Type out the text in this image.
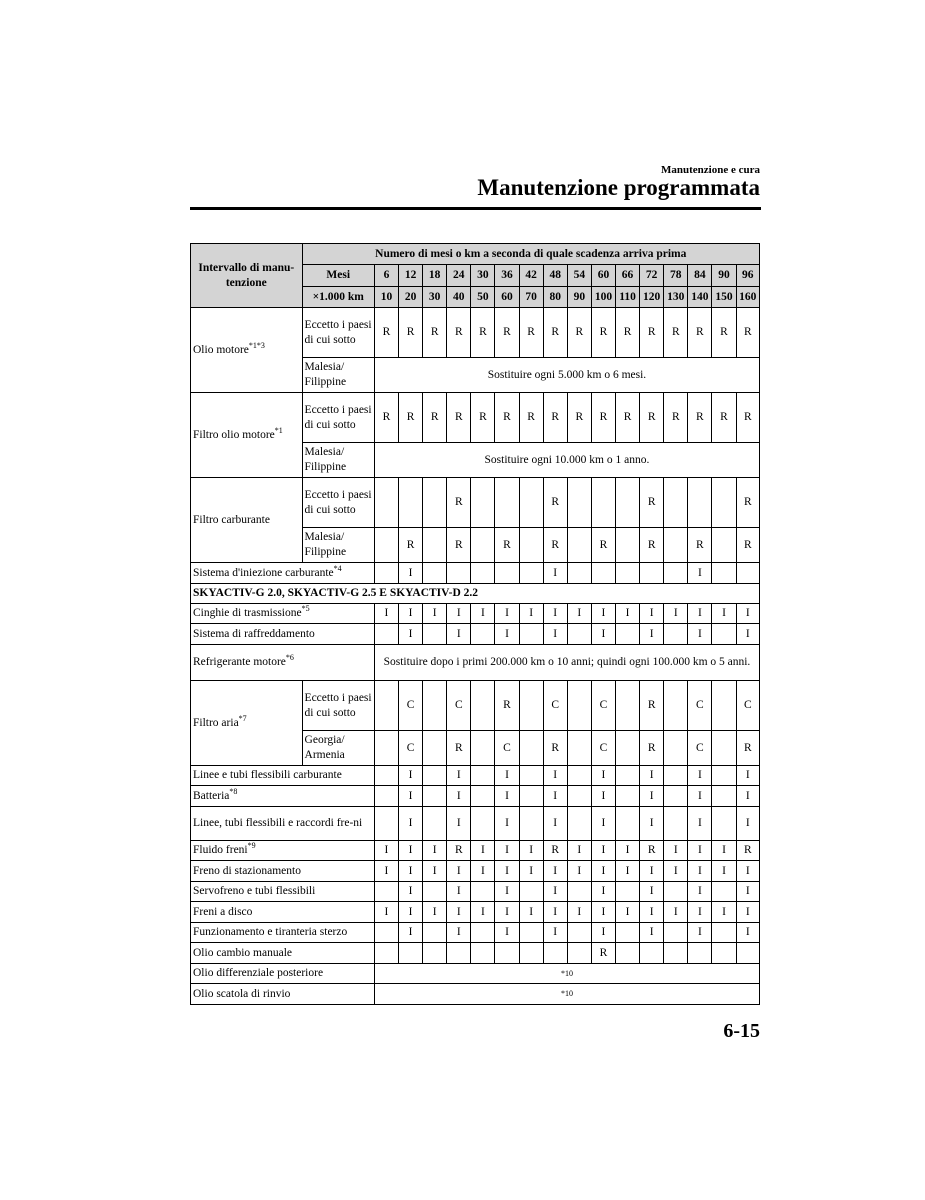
Manutenzione e cura
Manutenzione programmata
Intervallo di manu-tenzione	Numero di mesi o km a seconda di quale scadenza arriva prima																
	Mesi	6	12	18	24	30	36	42	48	54	60	66	72	78	84	90	96
	×1.000 km	10	20	30	40	50	60	70	80	90	100	110	120	130	140	150	160
Olio motore$^{*1*3}$	Eccetto i paesi di cui sotto	R	R	R	R	R	R	R	R	R	R	R	R	R	R	R	R
	Malesia/ Filippine	Sostituire ogni 5.000 km o 6 mesi.															
Filtro olio motore$^{*1}$	Eccetto i paesi di cui sotto	R	R	R	R	R	R	R	R	R	R	R	R	R	R	R	R
	Malesia/ Filippine	Sostituire ogni 10.000 km o 1 anno.															
Filtro carburante	Eccetto i paesi di cui sotto				R				R				R				R
	Malesia/ Filippine		R		R		R		R		R		R		R		R
Sistema d'iniezione carburante$^{*4}$			I						I						I		
SKYACTIV-G 2.0, SKYACTIV-G 2.5 E SKYACTIV-D 2.2																	
Cinghie di trasmissione$^{*5}$		I	I	I	I	I	I	I	I	I	I	I	I	I	I	I	I
Sistema di raffreddamento			I		I		I		I		I		I		I		I
Refrigerante motore$^{*6}$		Sostituire dopo i primi 200.000 km o 10 anni; quindi ogni 100.000 km o 5 anni.															
Filtro aria$^{*7}$	Eccetto i paesi di cui sotto		C		C		R		C		C		R		C		C
	Georgia/ Armenia		C		R		C		R		C		R		C		R
Linee e tubi flessibili carburante			I		I		I		I		I		I		I		I
Batteria$^{*8}$			I		I		I		I		I		I		I		I
Linee, tubi flessibili e raccordi fre-ni			I		I		I		I		I		I		I		I
Fluido freni$^{*9}$		I	I	I	R	I	I	I	R	I	I	I	R	I	I	I	R
Freno di stazionamento		I	I	I	I	I	I	I	I	I	I	I	I	I	I	I	I
Servofreno e tubi flessibili			I		I		I		I		I		I		I		I
Freni a disco		I	I	I	I	I	I	I	I	I	I	I	I	I	I	I	I
Funzionamento e tiranteria sterzo			I		I		I		I		I		I		I		I
Olio cambio manuale											R						
Olio differenziale posteriore		*10															
Olio scatola di rinvio		*10															
6-15
